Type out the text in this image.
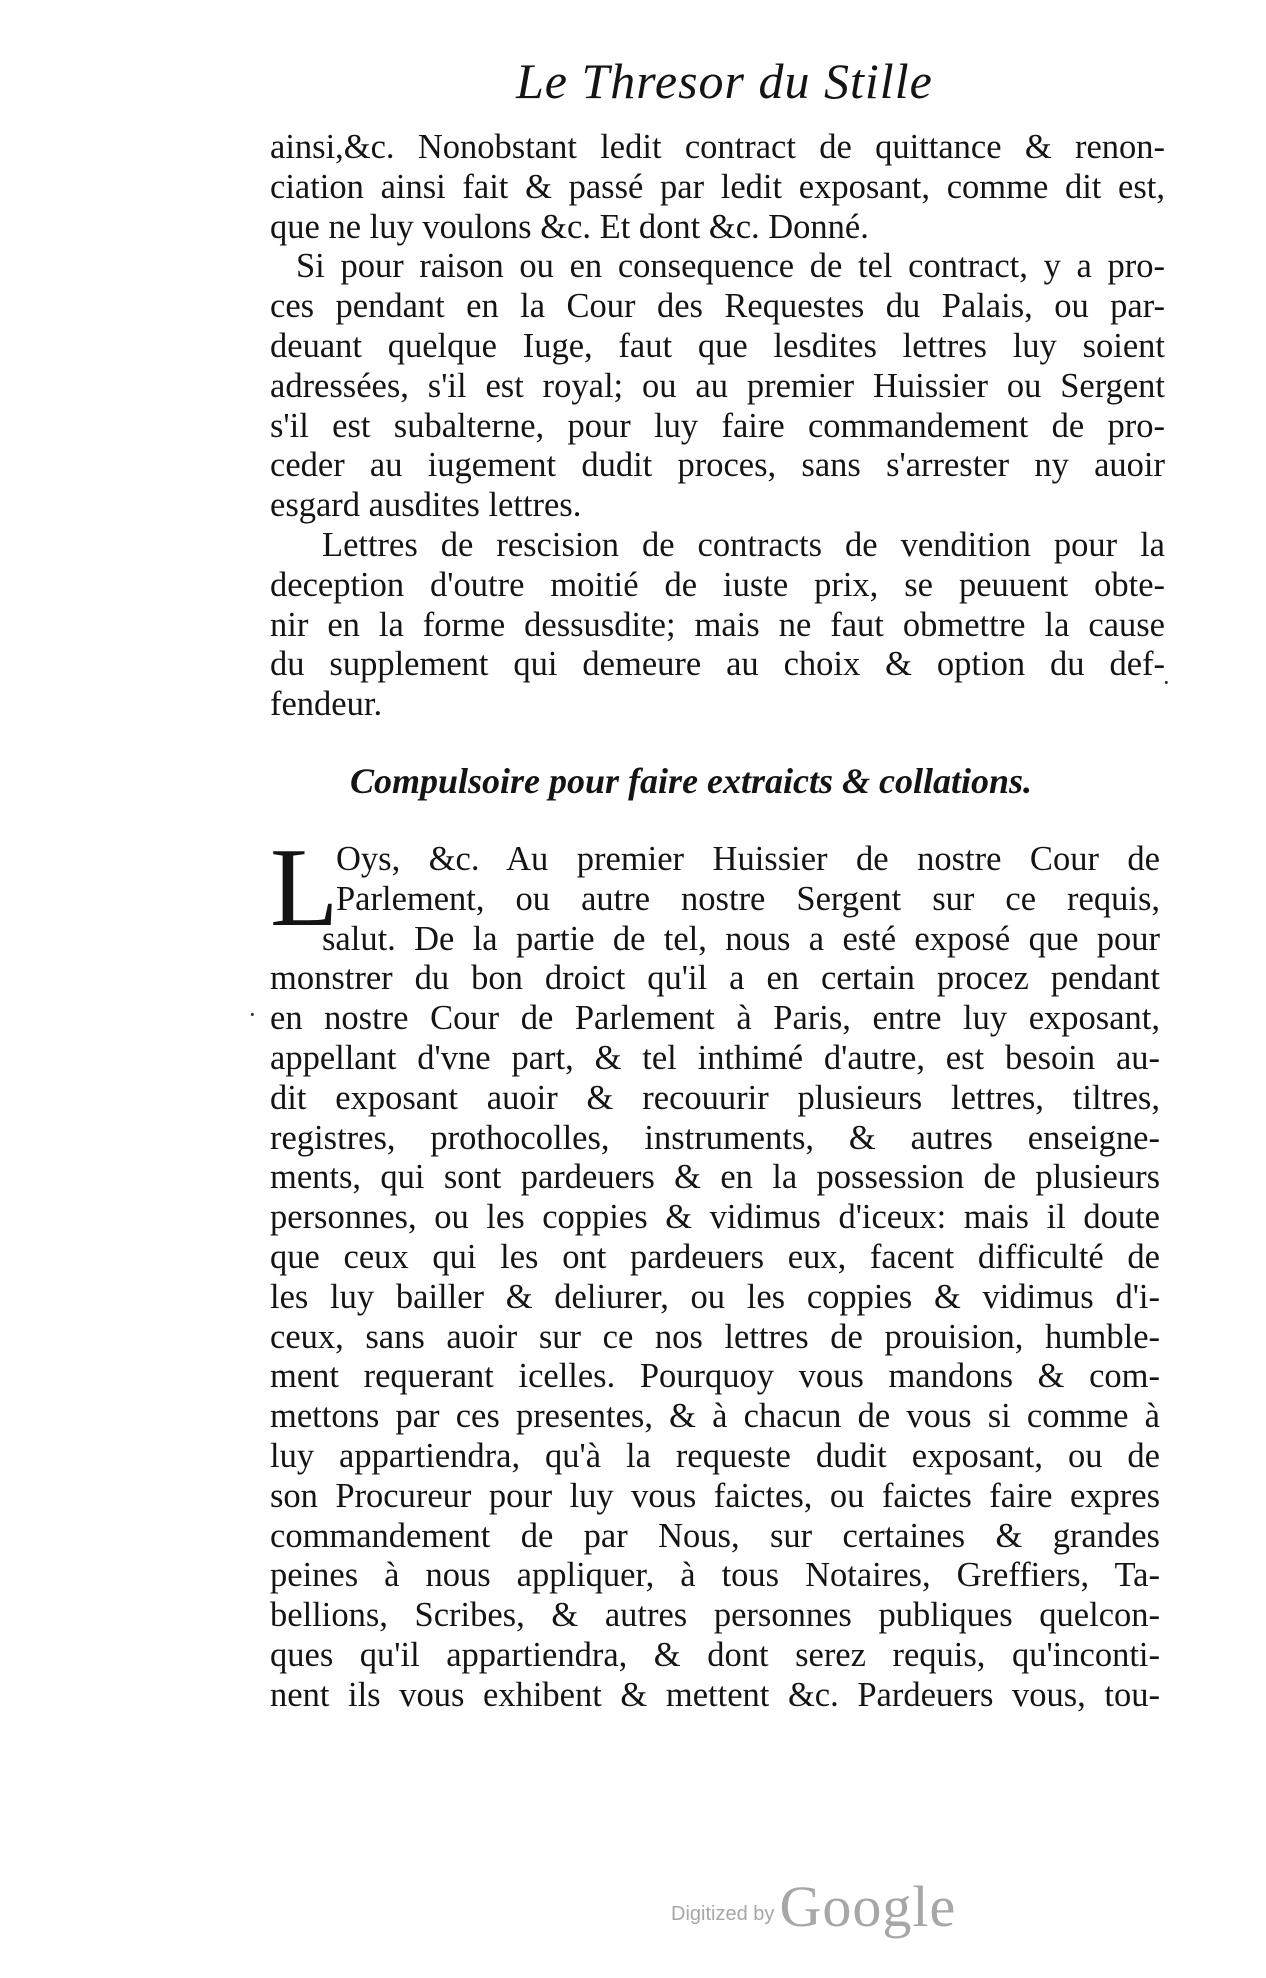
Le Thresor du Stille
ainsi,&c. Nonobstant ledit contract de quittance & renon-
ciation ainsi fait & passé par ledit exposant, comme dit est,
que ne luy voulons &c. Et dont &c. Donné.
Si pour raison ou en consequence de tel contract, y a pro-
ces pendant en la Cour des Requestes du Palais, ou par-
deuant quelque Iuge, faut que lesdites lettres luy soient
adressées, s'il est royal; ou au premier Huissier ou Sergent
s'il est subalterne, pour luy faire commandement de pro-
ceder au iugement dudit proces, sans s'arrester ny auoir
esgard ausdites lettres.
Lettres de rescision de contracts de vendition pour la
deception d'outre moitié de iuste prix, se peuuent obte-
nir en la forme dessusdite; mais ne faut obmettre la cause
du supplement qui demeure au choix & option du def-
fendeur.
Compulsoire pour faire extraicts & collations.
L
Oys, &c. Au premier Huissier de nostre Cour de
Parlement, ou autre nostre Sergent sur ce requis,
salut. De la partie de tel, nous a esté exposé que pour
monstrer du bon droict qu'il a en certain procez pendant
en nostre Cour de Parlement à Paris, entre luy exposant,
appellant d'vne part, & tel inthimé d'autre, est besoin au-
dit exposant auoir & recouurir plusieurs lettres, tiltres,
registres, prothocolles, instruments, & autres enseigne-
ments, qui sont pardeuers & en la possession de plusieurs
personnes, ou les coppies & vidimus d'iceux: mais il doute
que ceux qui les ont pardeuers eux, facent difficulté de
les luy bailler & deliurer, ou les coppies & vidimus d'i-
ceux, sans auoir sur ce nos lettres de prouision, humble-
ment requerant icelles. Pourquoy vous mandons & com-
mettons par ces presentes, & à chacun de vous si comme à
luy appartiendra, qu'à la requeste dudit exposant, ou de
son Procureur pour luy vous faictes, ou faictes faire expres
commandement de par Nous, sur certaines & grandes
peines à nous appliquer, à tous Notaires, Greffiers, Ta-
bellions, Scribes, & autres personnes publiques quelcon-
ques qu'il appartiendra, & dont serez requis, qu'inconti-
nent ils vous exhibent & mettent &c. Pardeuers vous, tou-
·
·
Digitized by Google
